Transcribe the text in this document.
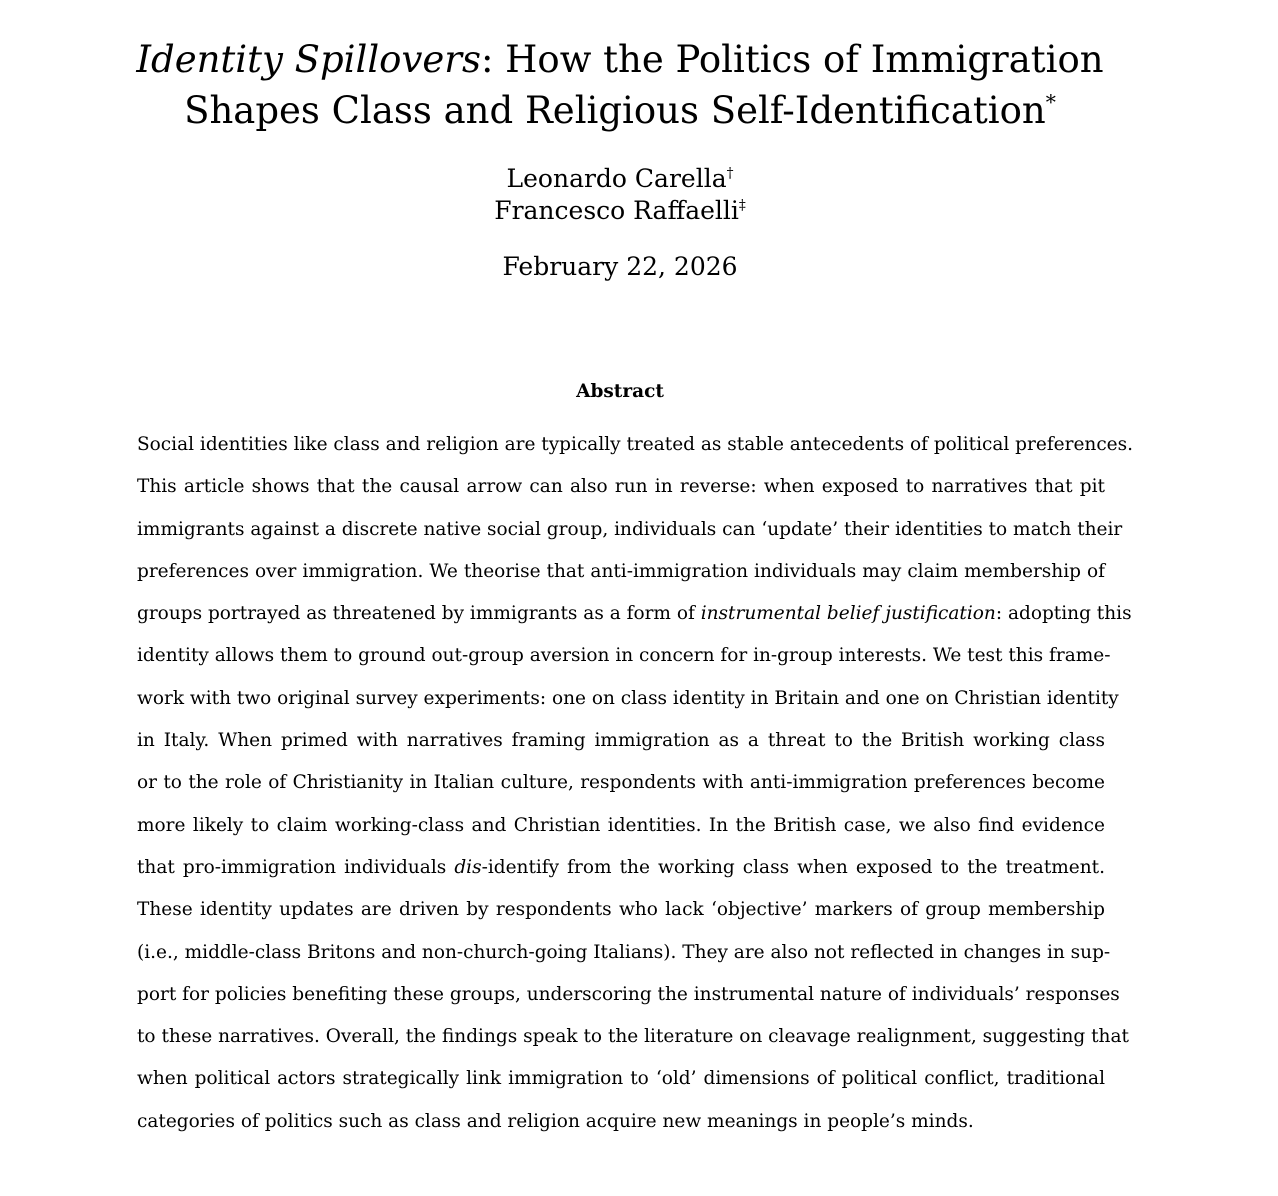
Identity Spillovers: How the Politics of Immigration
Shapes Class and Religious Self-Identification*
Leonardo Carella†
Francesco Raffaelli‡
February 22, 2026
Abstract
Social identities like class and religion are typically treated as stable antecedents of political preferences.
This article shows that the causal arrow can also run in reverse: when exposed to narratives that pit
immigrants against a discrete native social group, individuals can ‘update’ their identities to match their
preferences over immigration. We theorise that anti-immigration individuals may claim membership of
groups portrayed as threatened by immigrants as a form of instrumental belief justification: adopting this
identity allows them to ground out-group aversion in concern for in-group interests. We test this frame-
work with two original survey experiments: one on class identity in Britain and one on Christian identity
in Italy. When primed with narratives framing immigration as a threat to the British working class
or to the role of Christianity in Italian culture, respondents with anti-immigration preferences become
more likely to claim working-class and Christian identities. In the British case, we also find evidence
that pro-immigration individuals dis-identify from the working class when exposed to the treatment.
These identity updates are driven by respondents who lack ‘objective’ markers of group membership
(i.e., middle-class Britons and non-church-going Italians). They are also not reflected in changes in sup-
port for policies benefiting these groups, underscoring the instrumental nature of individuals’ responses
to these narratives. Overall, the findings speak to the literature on cleavage realignment, suggesting that
when political actors strategically link immigration to ‘old’ dimensions of political conflict, traditional
categories of politics such as class and religion acquire new meanings in people’s minds.
